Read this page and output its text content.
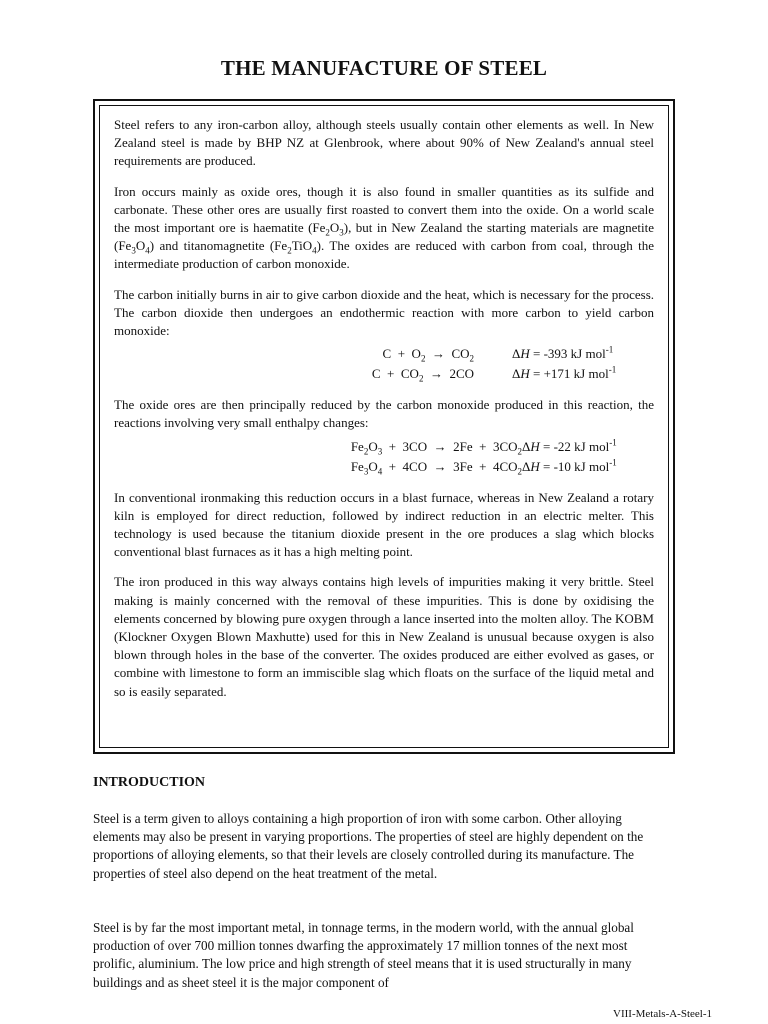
THE MANUFACTURE OF STEEL

Steel refers to any iron-carbon alloy, although steels usually contain other elements as well. In New Zealand steel is made by BHP NZ at Glenbrook, where about 90% of New Zealand's annual steel requirements are produced.

Iron occurs mainly as oxide ores, though it is also found in smaller quantities as its sulfide and carbonate. These other ores are usually first roasted to convert them into the oxide. On a world scale the most important ore is haematite $(Fe_2O_3)$, but in New Zealand the starting materials are magnetite $(Fe_3O_4)$ and titanomagnetite $(Fe_2TiO_4)$. The oxides are reduced with carbon from coal, through the intermediate production of carbon monoxide.

The carbon initially burns in air to give carbon dioxide and the heat, which is necessary for the process. The carbon dioxide then undergoes an endothermic reaction with more carbon to yield carbon monoxide:

$C + O_2 \to CO_2$	ΔH = -393 kJ mol$^{-1}$
$C + CO_2 \to 2CO$	ΔH = +171 kJ mol$^{-1}$

The oxide ores are then principally reduced by the carbon monoxide produced in this reaction, the reactions involving very small enthalpy changes:

$Fe_2O_3 + 3CO \to 2Fe + 3CO_2$ ΔH = -22 kJ mol$^{-1}$
$Fe_3O_4 + 4CO \to 3Fe + 4CO_2$ ΔH = -10 kJ mol$^{-1}$

In conventional ironmaking this reduction occurs in a blast furnace, whereas in New Zealand a rotary kiln is employed for direct reduction, followed by indirect reduction in an electric melter. This technology is used because the titanium dioxide present in the ore produces a slag which blocks conventional blast furnaces as it has a high melting point.

The iron produced in this way always contains high levels of impurities making it very brittle. Steel making is mainly concerned with the removal of these impurities. This is done by oxidising the elements concerned by blowing pure oxygen through a lance inserted into the molten alloy. The KOBM (Klockner Oxygen Blown Maxhutte) used for this in New Zealand is unusual because oxygen is also blown through holes in the base of the converter. The oxides produced are either evolved as gases, or combine with limestone to form an immiscible slag which floats on the surface of the liquid metal and so is easily separated.

INTRODUCTION

Steel is a term given to alloys containing a high proportion of iron with some carbon. Other alloying elements may also be present in varying proportions. The properties of steel are highly dependent on the proportions of alloying elements, so that their levels are closely controlled during its manufacture. The properties of steel also depend on the heat treatment of the metal.

Steel is by far the most important metal, in tonnage terms, in the modern world, with the annual global production of over 700 million tonnes dwarfing the approximately 17 million tonnes of the next most prolific, aluminium. The low price and high strength of steel means that it is used structurally in many buildings and as sheet steel it is the major component of

VIII-Metals-A-Steel-1
